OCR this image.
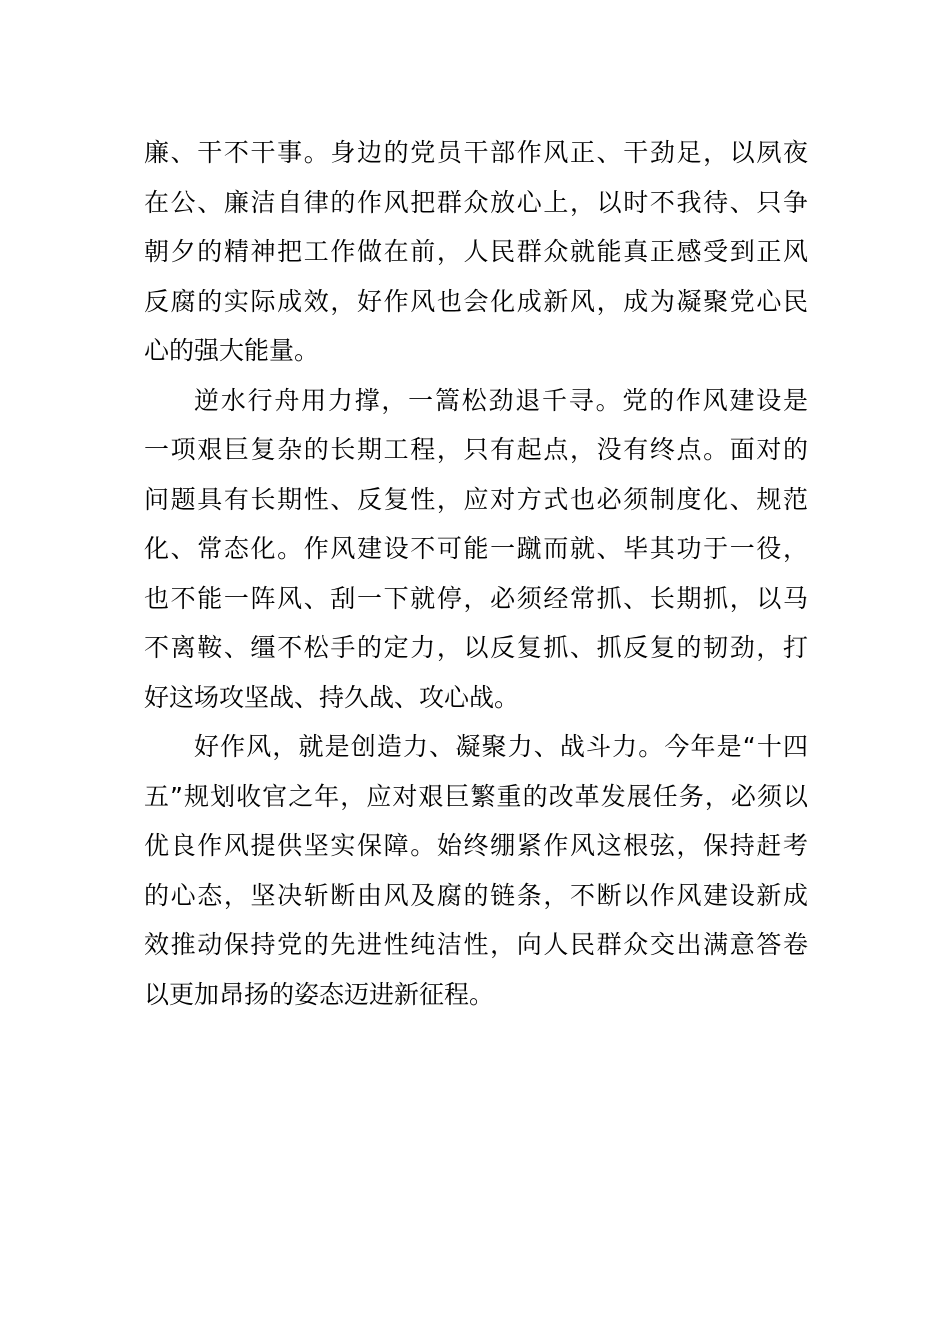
廉、干不干事。身边的党员干部作风正、干劲足，以夙夜
在公、廉洁自律的作风把群众放心上，以时不我待、只争
朝夕的精神把工作做在前，人民群众就能真正感受到正风
反腐的实际成效，好作风也会化成新风，成为凝聚党心民
心的强大能量。
逆水行舟用力撑，一篙松劲退千寻。党的作风建设是
一项艰巨复杂的长期工程，只有起点，没有终点。面对的
问题具有长期性、反复性，应对方式也必须制度化、规范
化、常态化。作风建设不可能一蹴而就、毕其功于一役，
也不能一阵风、刮一下就停，必须经常抓、长期抓，以马
不离鞍、缰不松手的定力，以反复抓、抓反复的韧劲，打
好这场攻坚战、持久战、攻心战。
好作风，就是创造力、凝聚力、战斗力。今年是“十四
五”规划收官之年，应对艰巨繁重的改革发展任务，必须以
优良作风提供坚实保障。始终绷紧作风这根弦，保持赶考
的心态，坚决斩断由风及腐的链条，不断以作风建设新成
效推动保持党的先进性纯洁性，向人民群众交出满意答卷
以更加昂扬的姿态迈进新征程。
